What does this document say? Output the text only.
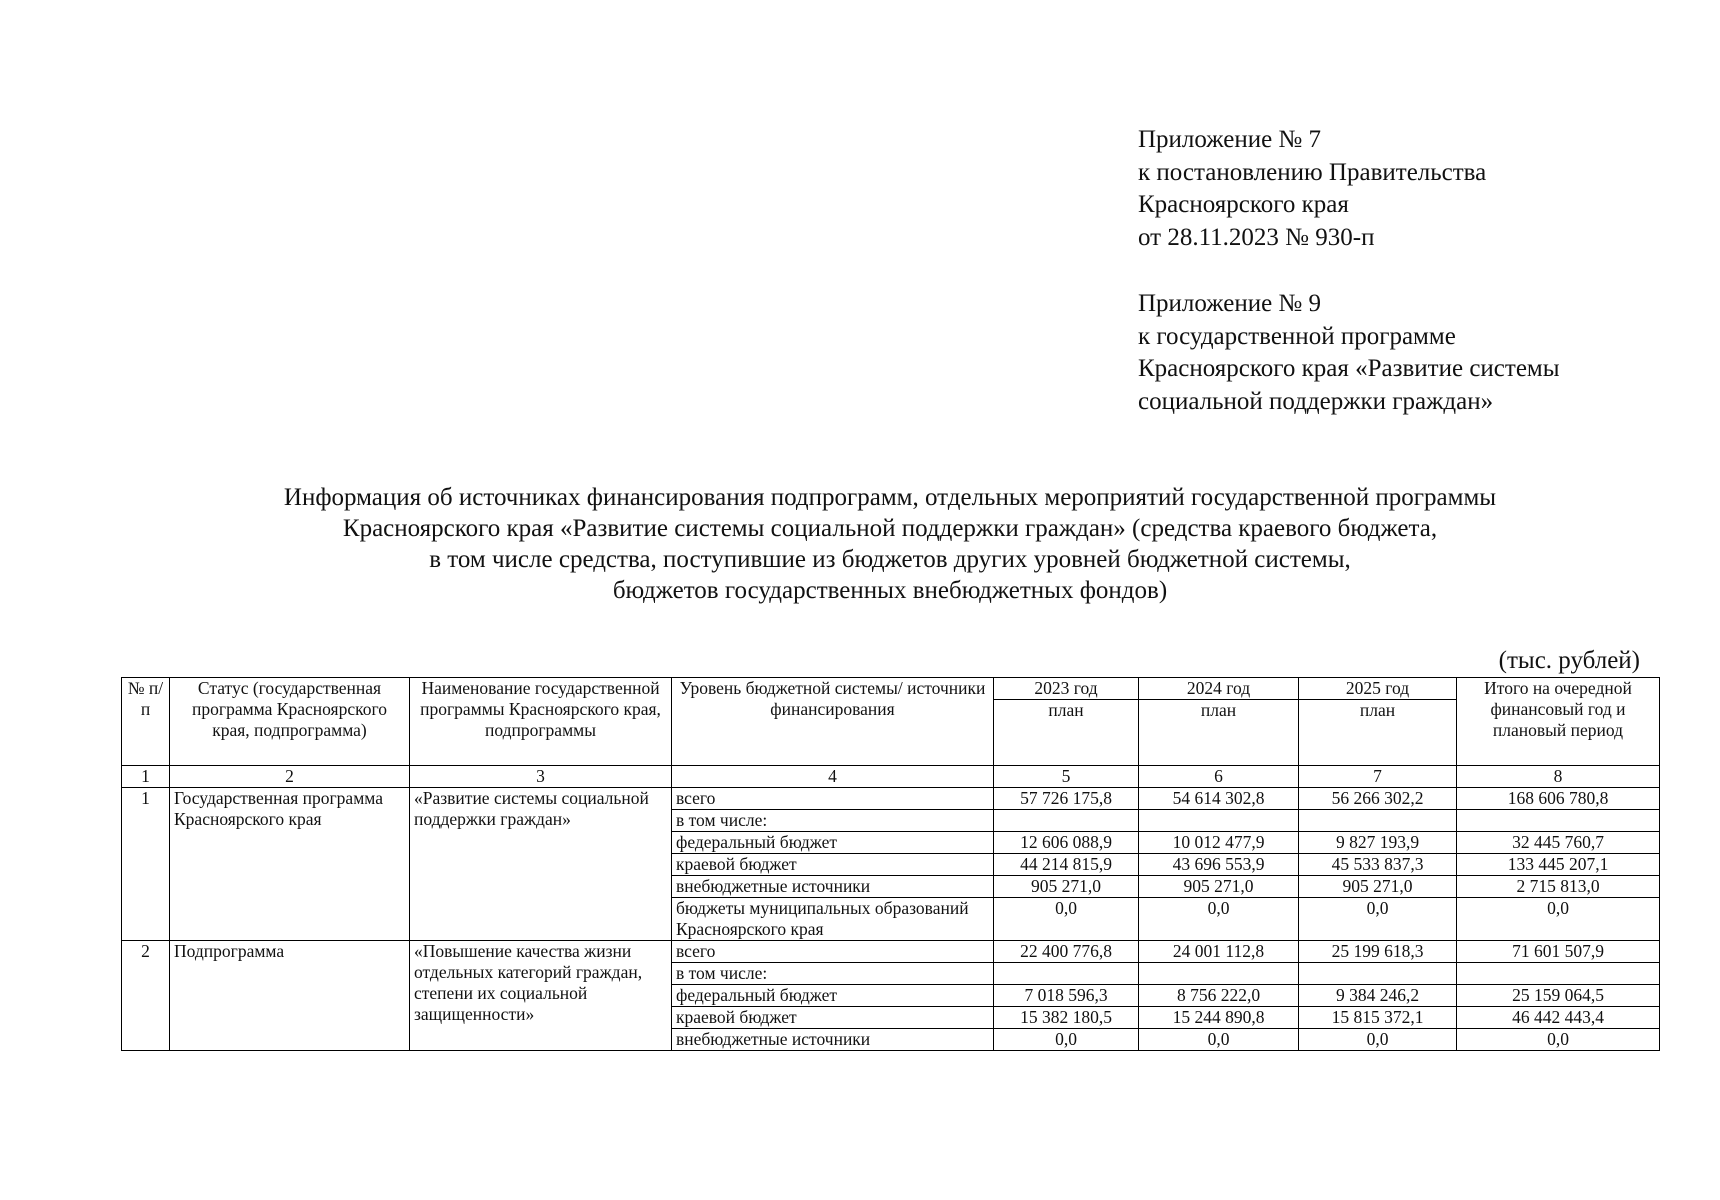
Приложение № 7
к постановлению Правительства
Красноярского края
от 28.11.2023 № 930-п
Приложение № 9
к государственной программе
Красноярского края «Развитие системы
социальной поддержки граждан»
Информация об источниках финансирования подпрограмм, отдельных мероприятий государственной программы
Красноярского края «Развитие системы социальной поддержки граждан» (средства краевого бюджета,
в том числе средства, поступившие из бюджетов других уровней бюджетной системы,
бюджетов государственных внебюджетных фондов)
(тыс. рублей)
№ п/п	Статус (государственная программа Красноярского края, подпрограмма)	Наименование государственной программы Красноярского края, подпрограммы	Уровень бюджетной системы/ источники финансирования	2023 год	2024 год	2025 год	Итого на очередной финансовый год и плановый период
				план	план	план	
1	2	3	4	5	6	7	8
1	Государственная программа Красноярского края	«Развитие системы социальной поддержки граждан»	всего	57 726 175,8	54 614 302,8	56 266 302,2	168 606 780,8
			в том числе:				
			федеральный бюджет	12 606 088,9	10 012 477,9	9 827 193,9	32 445 760,7
			краевой бюджет	44 214 815,9	43 696 553,9	45 533 837,3	133 445 207,1
			внебюджетные источники	905 271,0	905 271,0	905 271,0	2 715 813,0
			бюджеты муниципальных образований Красноярского края	0,0	0,0	0,0	0,0
2	Подпрограмма	«Повышение качества жизни отдельных категорий граждан, степени их социальной защищенности»	всего	22 400 776,8	24 001 112,8	25 199 618,3	71 601 507,9
			в том числе:				
			федеральный бюджет	7 018 596,3	8 756 222,0	9 384 246,2	25 159 064,5
			краевой бюджет	15 382 180,5	15 244 890,8	15 815 372,1	46 442 443,4
			внебюджетные источники	0,0	0,0	0,0	0,0
